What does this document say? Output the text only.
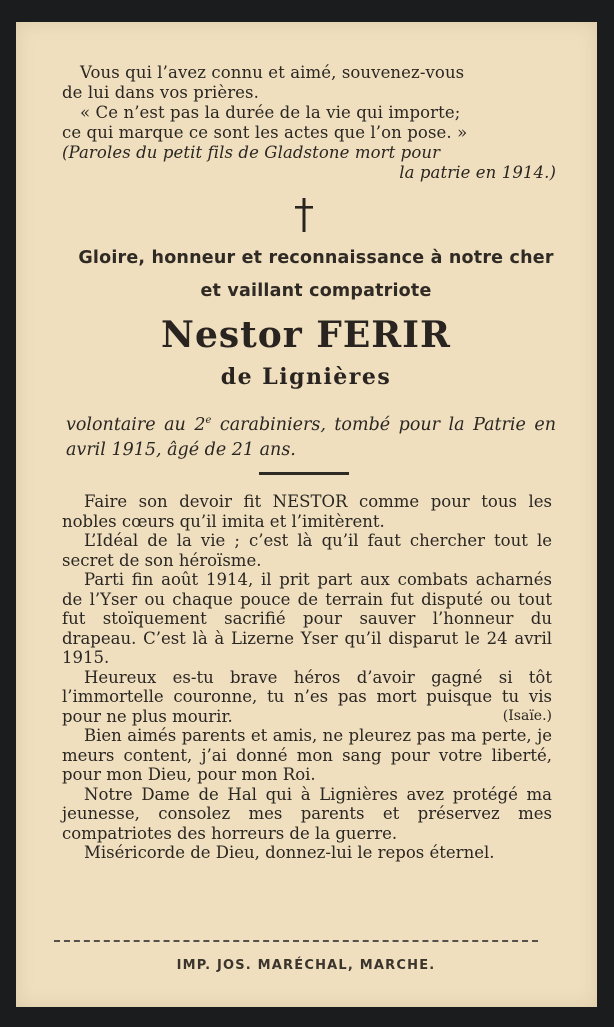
Vous qui l’avez connu et aimé, souvenez-vous
de lui dans vos prières.
« Ce n’est pas la durée de la vie qui importe;
ce qui marque ce sont les actes que l’on pose. »
(Paroles du petit fils de Gladstone mort pour
la patrie en 1914.)
Gloire, honneur et reconnaissance à notre cher
et vaillant compatriote
Nestor FERIR
de Lignières
volontaire au 2e carabiniers, tombé pour la Patrie en avril 1915, âgé de 21 ans.

Faire son devoir fit NESTOR comme pour tous les nobles cœurs qu’il imita et l’imitèrent.

L’Idéal de la vie ; c’est là qu’il faut chercher tout le secret de son héroïsme.

Parti fin août 1914, il prit part aux combats acharnés de l’Yser ou chaque pouce de terrain fut disputé ou tout fut stoïquement sacrifié pour sauver l’honneur du drapeau. C’est là à Lizerne Yser qu’il disparut le 24 avril 1915.

Heureux es-tu brave héros d’avoir gagné si tôt l’immortelle couronne, tu n’es pas mort puisque tu vis pour ne plus mourir.	(Isaïe.)

Bien aimés parents et amis, ne pleurez pas ma perte, je meurs content, j’ai donné mon sang pour votre liberté, pour mon Dieu, pour mon Roi.

Notre Dame de Hal qui à Lignières avez protégé ma jeunesse, consolez mes parents et préservez mes compatriotes des horreurs de la guerre.

Miséricorde de Dieu, donnez-lui le repos éternel.

IMP. JOS. MARÉCHAL, MARCHE.
